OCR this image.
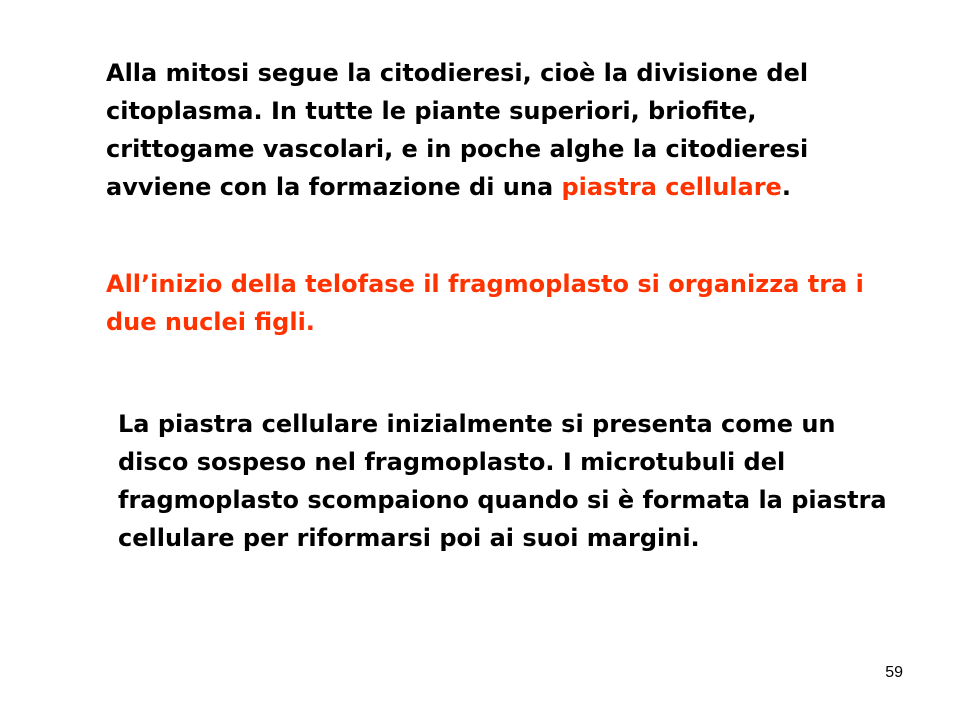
Alla mitosi segue la citodieresi, cioè la divisione del citoplasma. In tutte le piante superiori, briofite, crittogame vascolari, e in poche alghe la citodieresi avviene con la formazione di una piastra cellulare.

All’inizio della telofase il fragmoplasto si organizza tra i due nuclei figli.

La piastra cellulare inizialmente si presenta come un disco sospeso nel fragmoplasto. I microtubuli del fragmoplasto scompaiono quando si è formata la piastra cellulare per riformarsi poi ai suoi margini.

59
